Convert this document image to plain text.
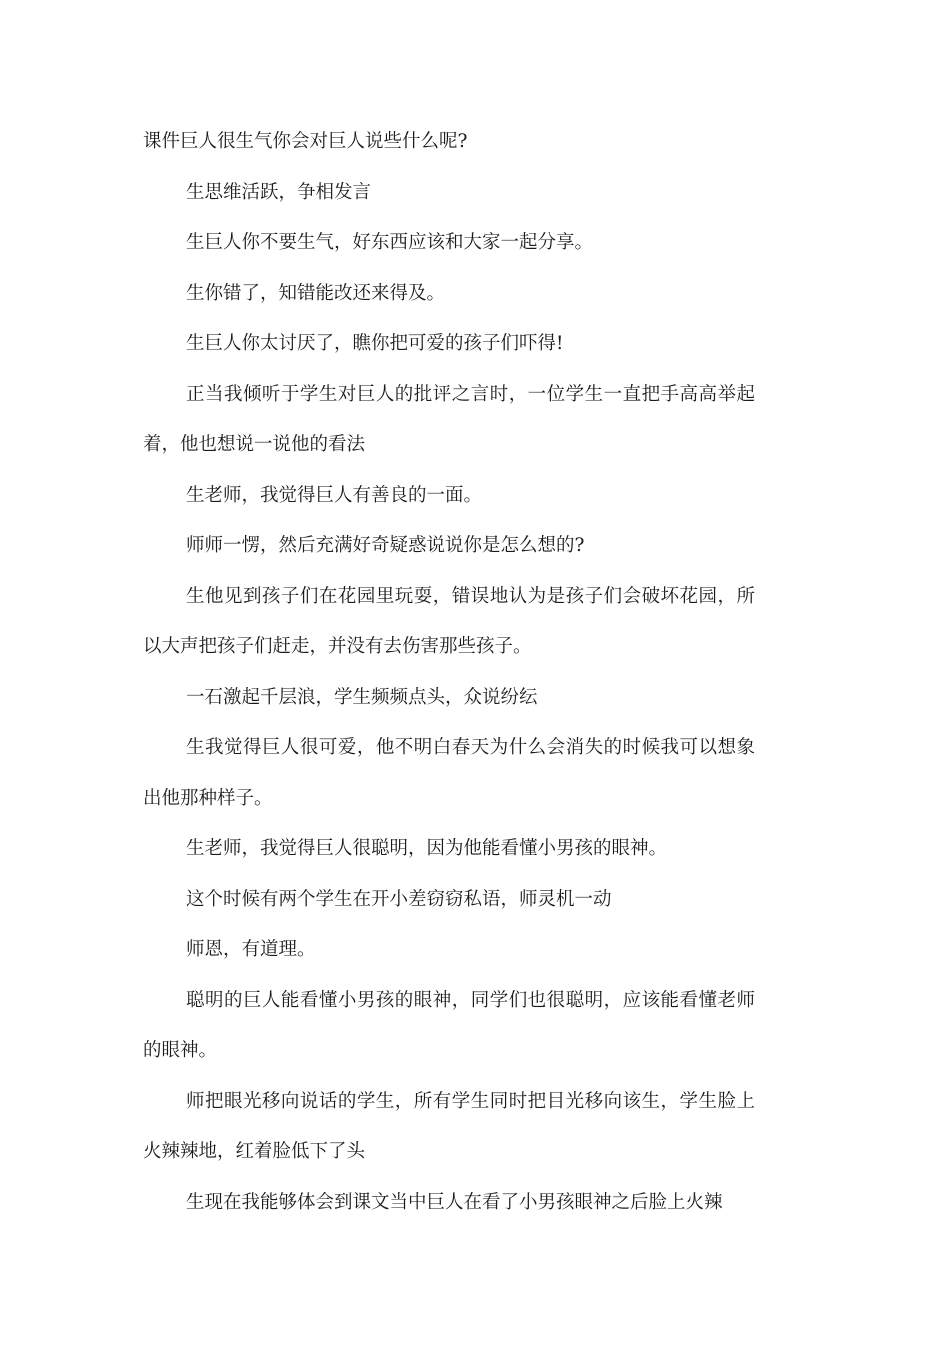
课件巨人很生气你会对巨人说些什么呢?

生思维活跃，争相发言

生巨人你不要生气，好东西应该和大家一起分享。

生你错了，知错能改还来得及。

生巨人你太讨厌了，瞧你把可爱的孩子们吓得!

正当我倾听于学生对巨人的批评之言时，一位学生一直把手高高举起着，他也想说一说他的看法

生老师，我觉得巨人有善良的一面。

师师一愣，然后充满好奇疑惑说说你是怎么想的?

生他见到孩子们在花园里玩耍，错误地认为是孩子们会破坏花园，所以大声把孩子们赶走，并没有去伤害那些孩子。

一石激起千层浪，学生频频点头，众说纷纭

生我觉得巨人很可爱，他不明白春天为什么会消失的时候我可以想象出他那种样子。

生老师，我觉得巨人很聪明，因为他能看懂小男孩的眼神。

这个时候有两个学生在开小差窃窃私语，师灵机一动

师恩，有道理。

聪明的巨人能看懂小男孩的眼神，同学们也很聪明，应该能看懂老师的眼神。

师把眼光移向说话的学生，所有学生同时把目光移向该生，学生脸上火辣辣地，红着脸低下了头

生现在我能够体会到课文当中巨人在看了小男孩眼神之后脸上火辣
